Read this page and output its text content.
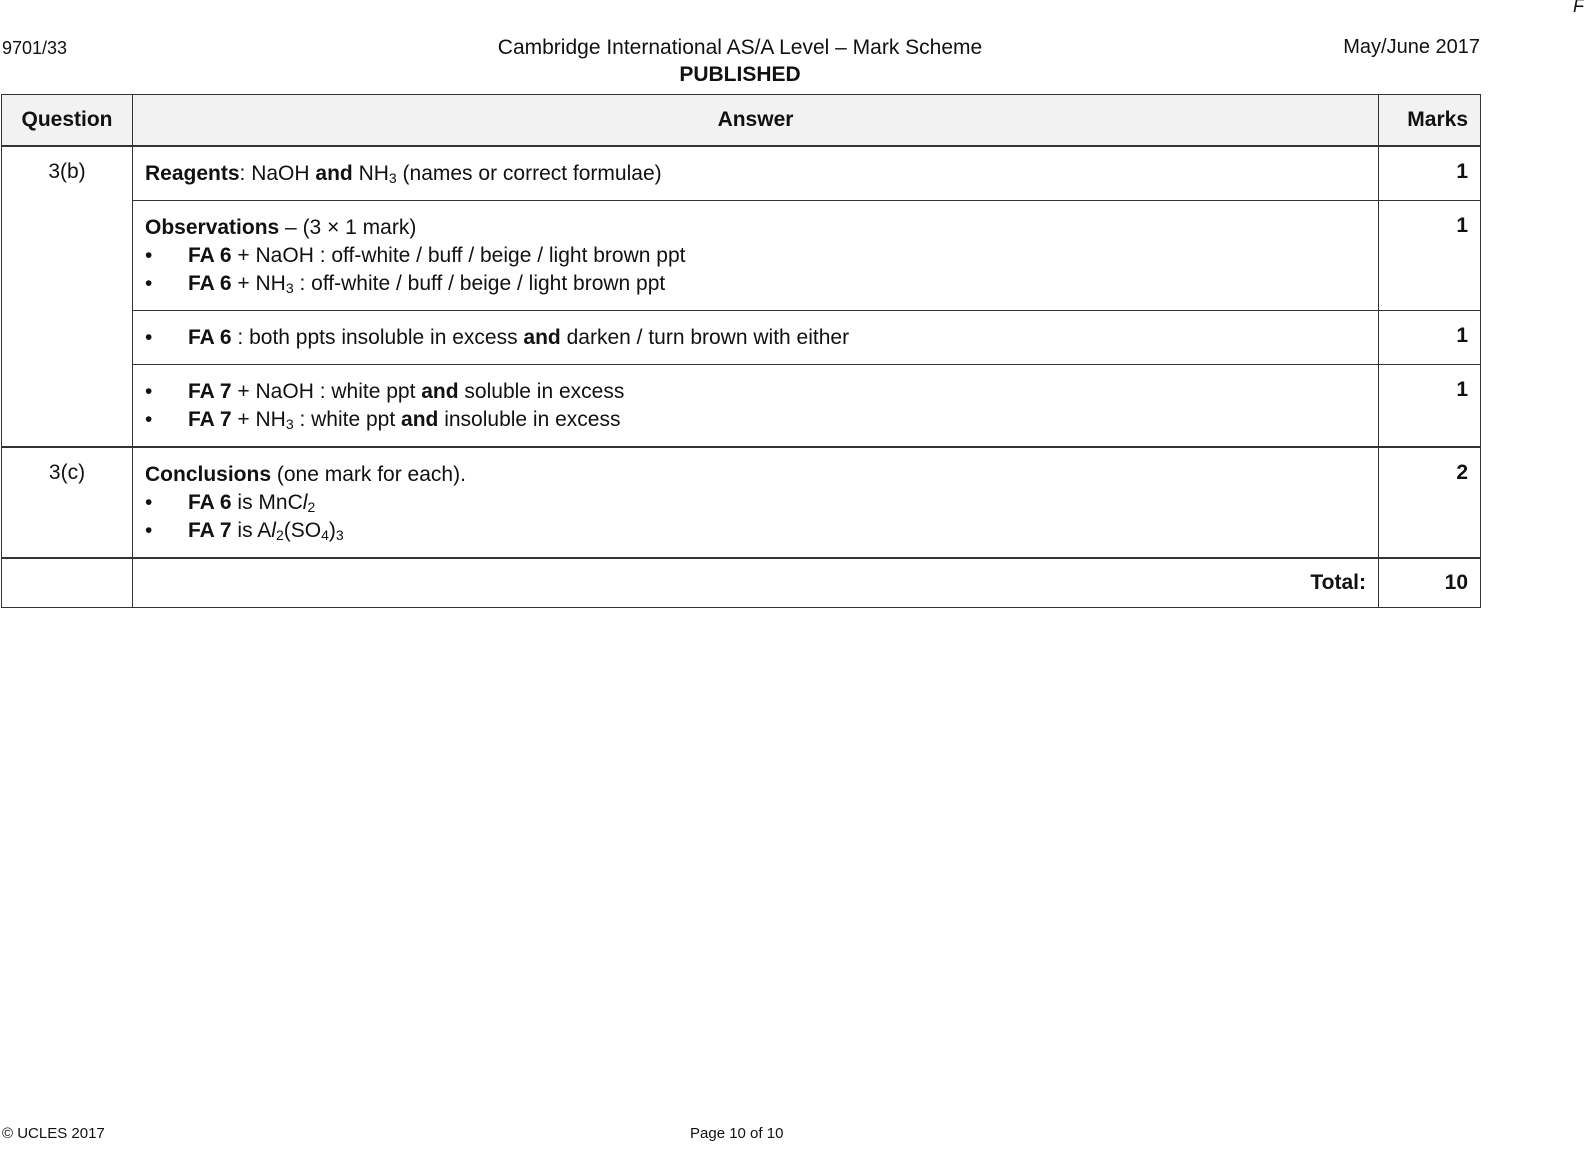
F
9701/33	Cambridge International AS/A Level – Mark Scheme
PUBLISHED
May/June 2017
Question	Answer	Marks
3(b)	Reagents: NaOH and $NH_3$ (names or correct formulae)	1

	Observations – (3 × 1 mark)
• FA 6 + NaOH : off-white / buff / beige / light brown ppt
• FA $6 + NH_3$ : off-white / buff / beige / light brown ppt	1

	• FA 6 : both ppts insoluble in excess and darken / turn brown with either	1

	• FA 7 + NaOH : white ppt and soluble in excess
• FA $7 + NH_3$ : white ppt and insoluble in excess	1
3(c)	Conclusions (one mark for each).
• FA 6 is MnCl$_2$
• FA 7 is $Al_2(SO_4)_3$	2
	Total:	10
© UCLES 2017	Page 10 of 10
